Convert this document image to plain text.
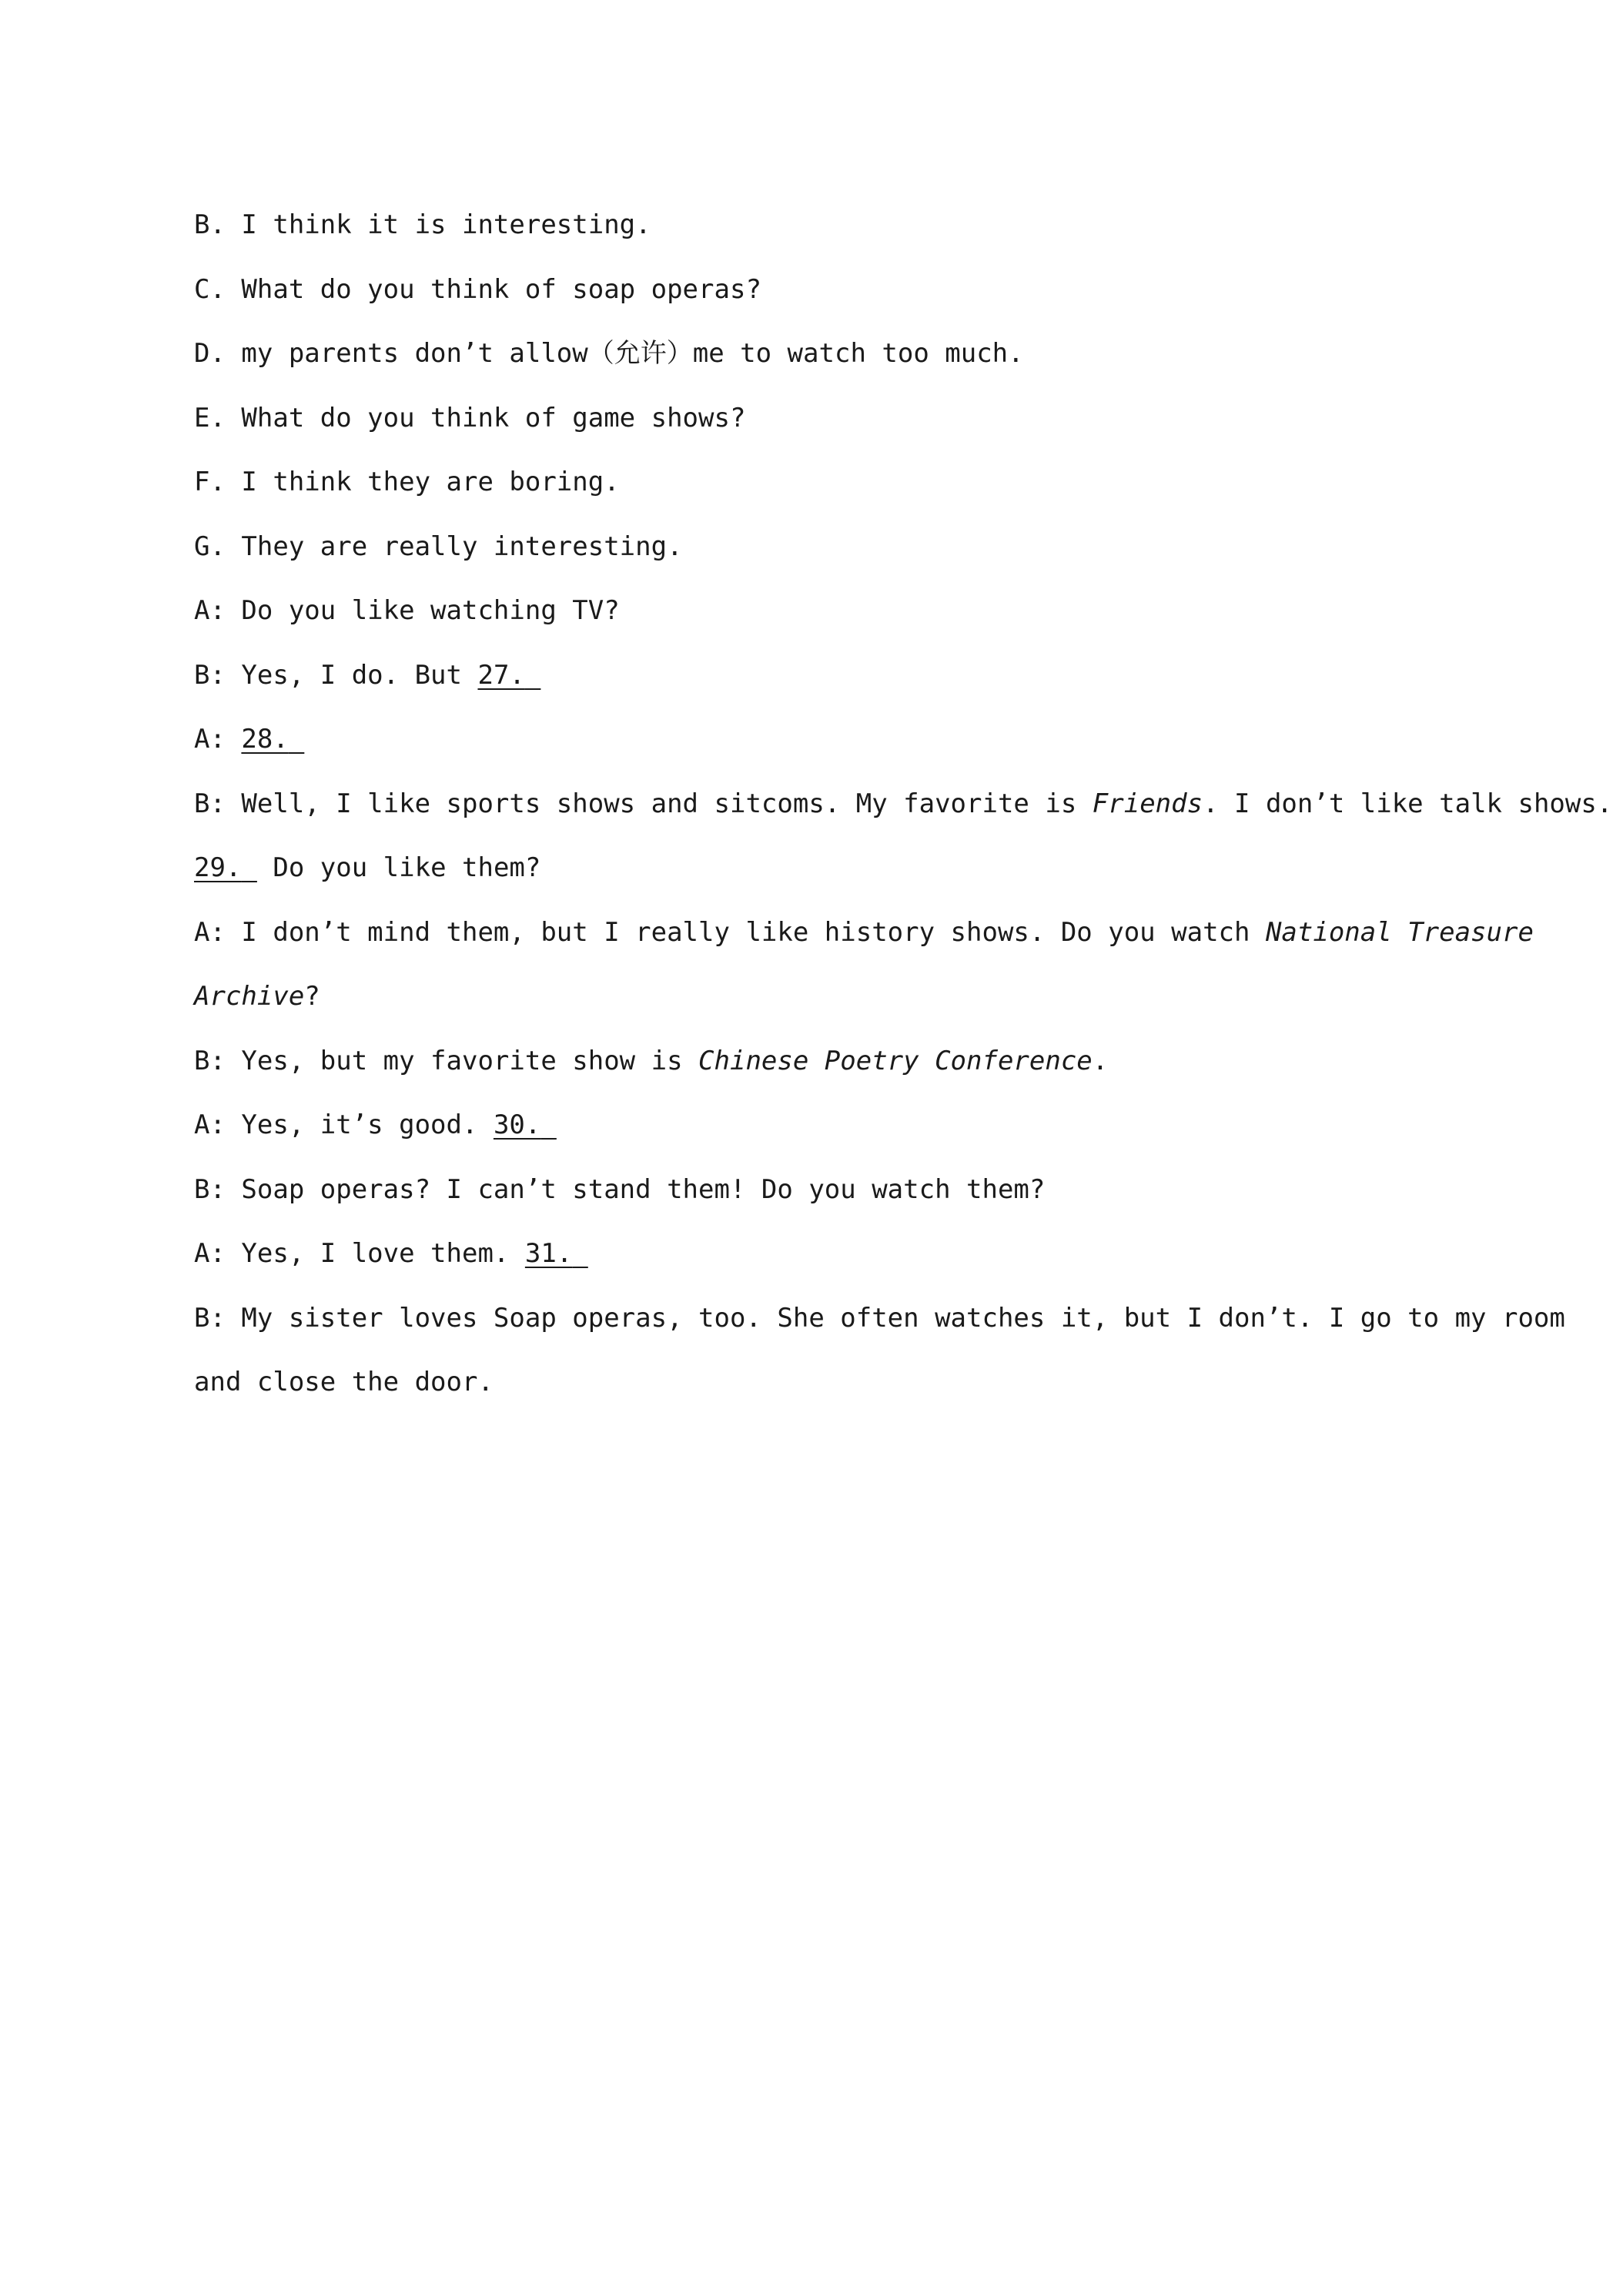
B. I think it is interesting.
C. What do you think of soap operas?
D. my parents don’t allow（允许）me to watch too much.
E. What do you think of game shows?
F. I think they are boring.
G. They are really interesting.
A: Do you like watching TV?
B: Yes, I do. But 27.
A: 28.
B: Well, I like sports shows and sitcoms. My favorite is Friends. I don’t like talk shows.
29. Do you like them?
A: I don’t mind them, but I really like history shows. Do you watch National Treasure
Archive?
B: Yes, but my favorite show is Chinese Poetry Conference.
A: Yes, it’s good. 30.
B: Soap operas? I can’t stand them! Do you watch them?
A: Yes, I love them. 31.
B: My sister loves Soap operas, too. She often watches it, but I don’t. I go to my room
and close the door.
